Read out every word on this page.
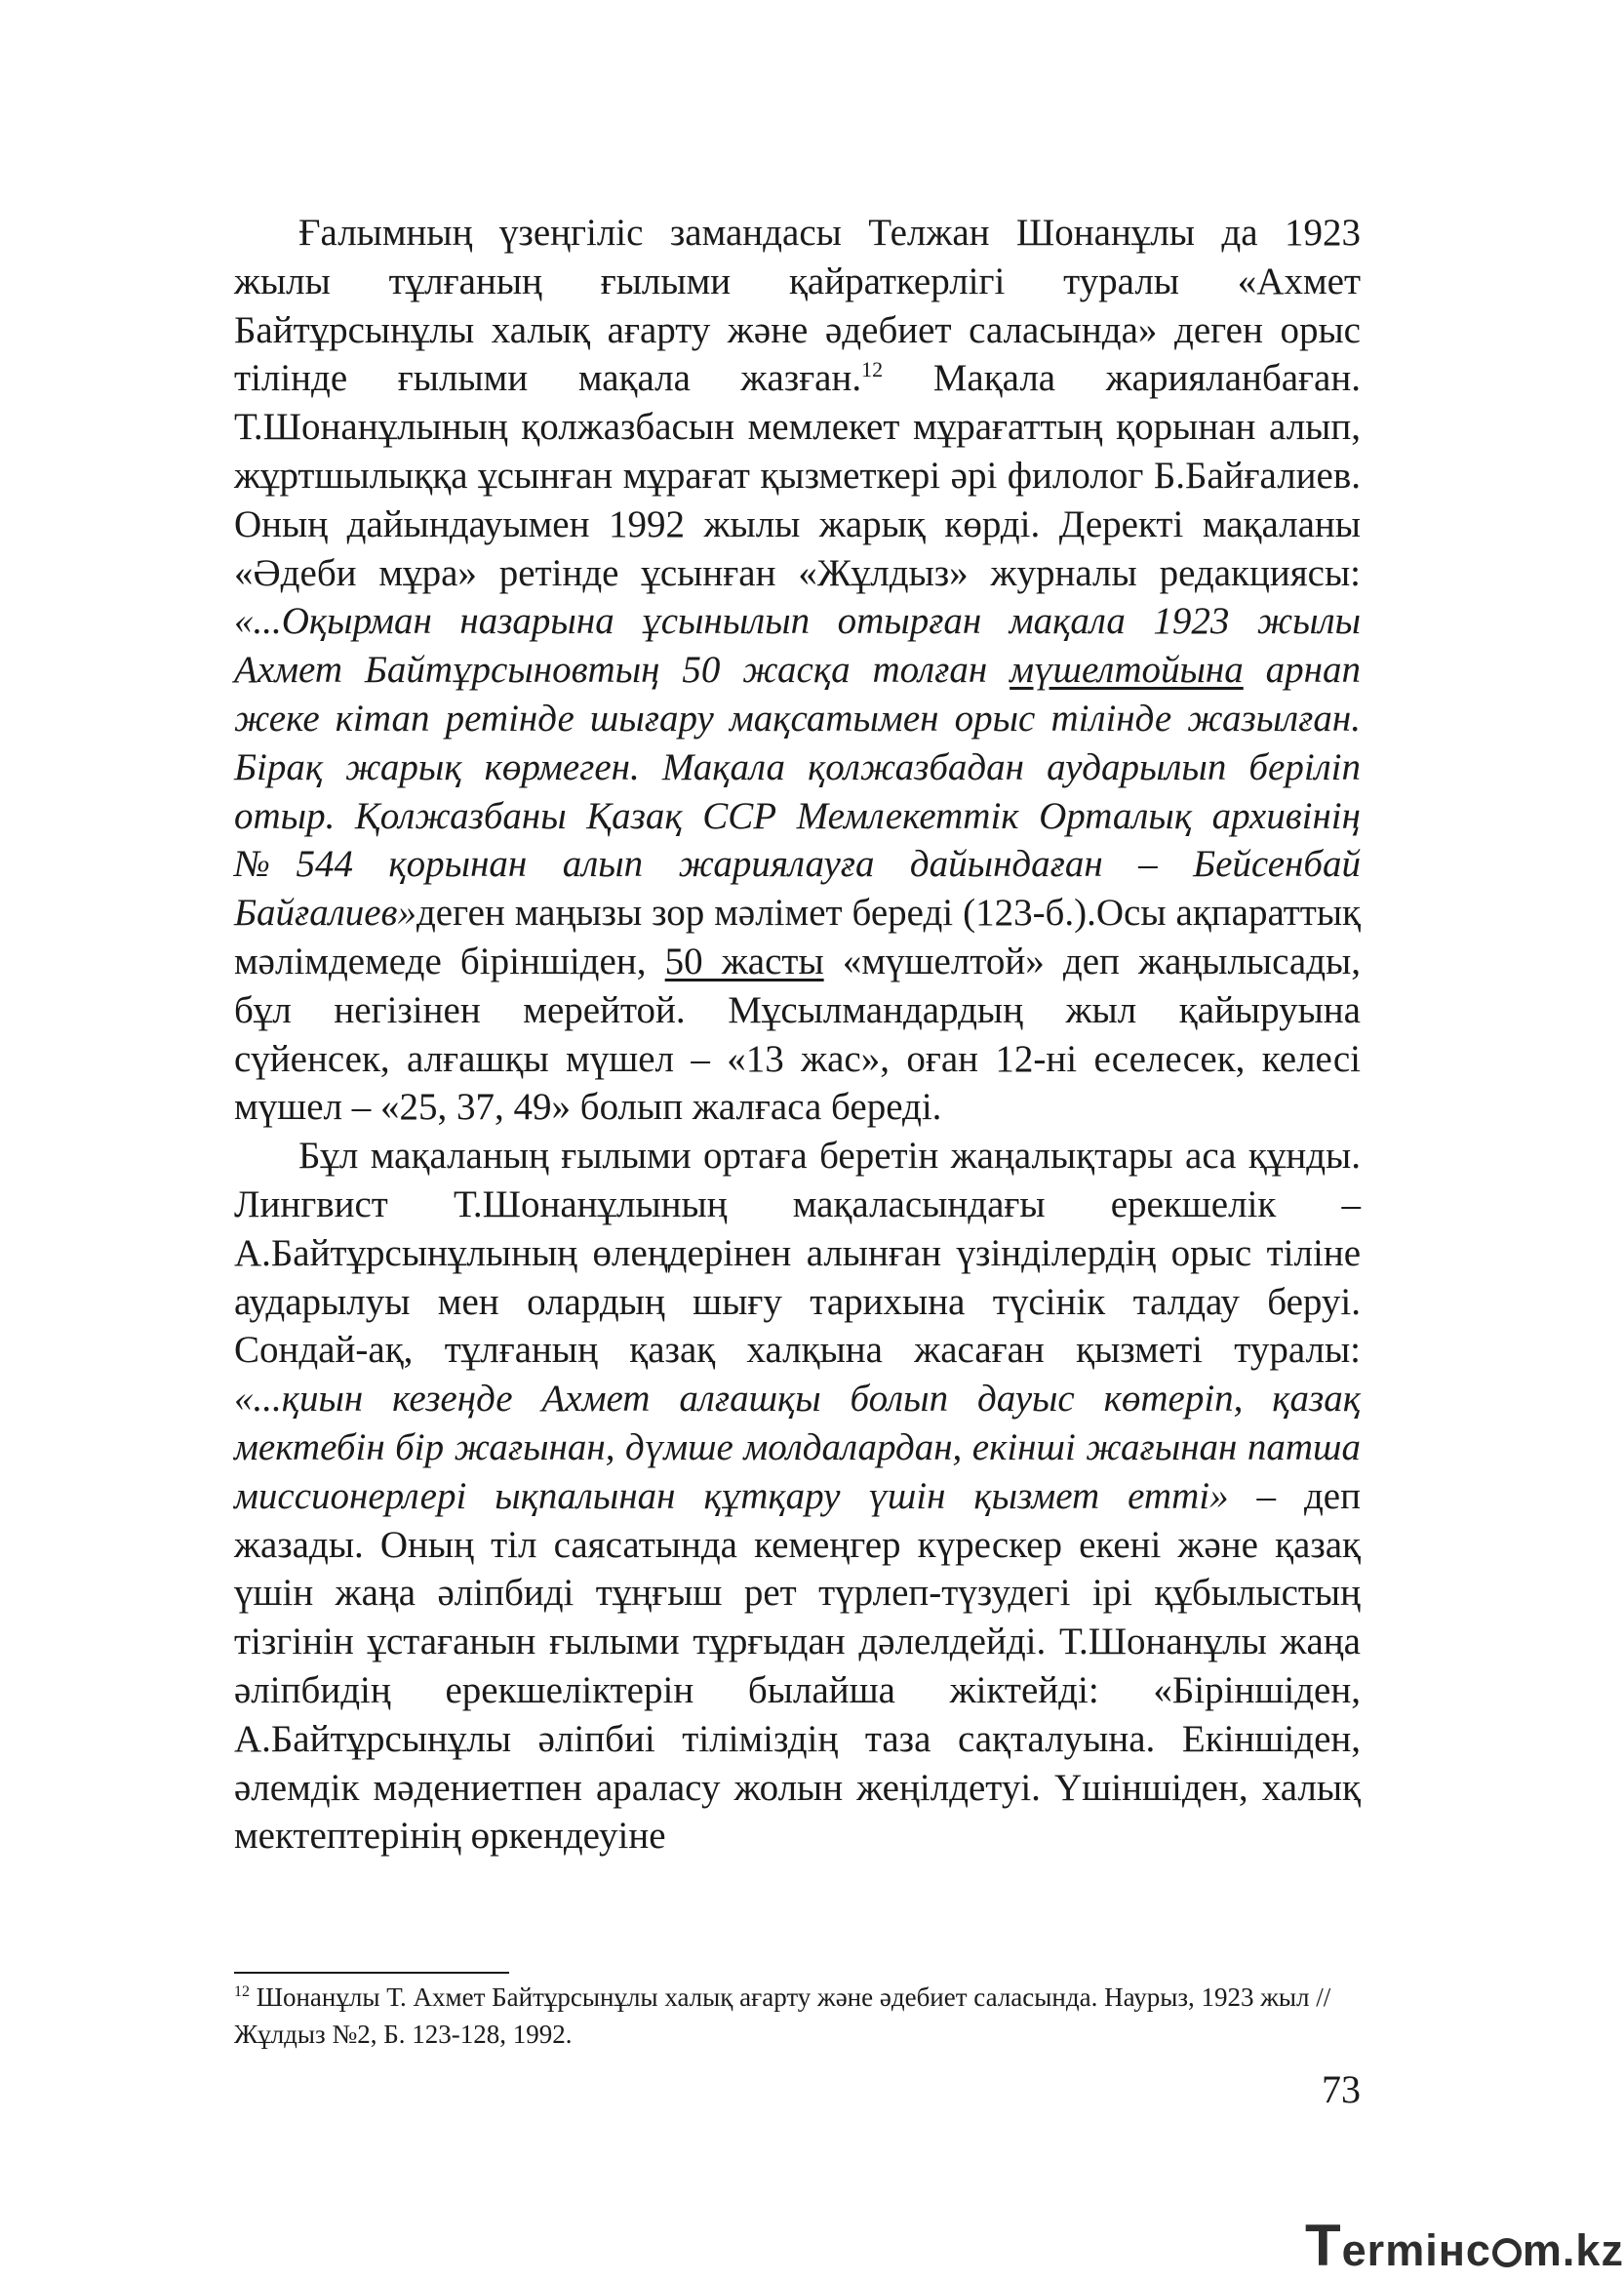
Ғалымның үзеңгіліс замандасы Телжан Шонанұлы да 1923 жылы тұлғаның ғылыми қайраткерлігі туралы «Ахмет Байтұрсынұлы халық ағарту және әдебиет саласында» деген орыс тілінде ғылыми мақала жазған.$^{12}$ Мақала жарияланбаған. Т.Шонанұлының қолжазбасын мемлекет мұрағаттың қорынан алып, жұртшылыққа ұсынған мұрағат қызметкері әрі филолог Б.Байғалиев. Оның дайындауымен 1992 жылы жарық көрді. Деректі мақаланы «Әдеби мұра» ретінде ұсынған «Жұлдыз» журналы редакциясы: «...Оқырман назарына ұсынылып отырған мақала 1923 жылы Ахмет Байтұрсыновтың 50 жасқа толған мүшелтойына арнап жеке кітап ретінде шығару мақсатымен орыс тілінде жазылған. Бірақ жарық көрмеген. Мақала қолжазбадан аударылып беріліп отыр. Қолжазбаны Қазақ ССР Мемлекеттік Орталық архивінің №544 қорынан алып жариялауға дайындаған – Бейсенбай Байғалиев»деген маңызы зор мәлімет береді (123-б.).Осы ақпараттық мәлімдемеде біріншіден, 50 жасты «мүшелтой» деп жаңылысады, бұл негізінен мерейтой. Мұсылмандардың жыл қайыруына сүйенсек, алғашқы мүшел – «13 жас», оған 12-ні еселесек, келесі мүшел – «25, 37, 49» болып жалғаса береді.

Бұл мақаланың ғылыми ортаға беретін жаңалықтары аса құнды. Лингвист Т.Шонанұлының мақаласындағы ерекшелік – А.Байтұрсынұлының өлеңдерінен алынған үзінділердің орыс тіліне аударылуы мен олардың шығу тарихына түсінік талдау беруі. Сондай-ақ, тұлғаның қазақ халқына жасаған қызметі туралы: «...қиын кезеңде Ахмет алғашқы болып дауыс көтеріп, қазақ мектебін бір жағынан, дүмше молдалардан, екінші жағынан патша миссионерлері ықпалынан құтқару үшін қызмет етті» – деп жазады. Оның тіл саясатында кемеңгер күрескер екені және қазақ үшін жаңа әліпбиді тұңғыш рет түрлеп-түзудегі ірі құбылыстың тізгінін ұстағанын ғылыми тұрғыдан дәлелдейді. Т.Шонанұлы жаңа әліпбидің ерекшеліктерін былайша жіктейді: «Біріншіден, А.Байтұрсынұлы әліпбиі тіліміздің таза сақталуына. Екіншіден, әлемдік мәдениетпен араласу жолын жеңілдетуі. Үшіншіден, халық мектептерінің өркендеуіне

$^{12}$ Шонанұлы Т. Ахмет Байтұрсынұлы халық ағарту және әдебиет саласында. Наурыз, 1923 жыл // Жұлдыз №2, Б. 123-128, 1992.

73
Termінс m.kz
